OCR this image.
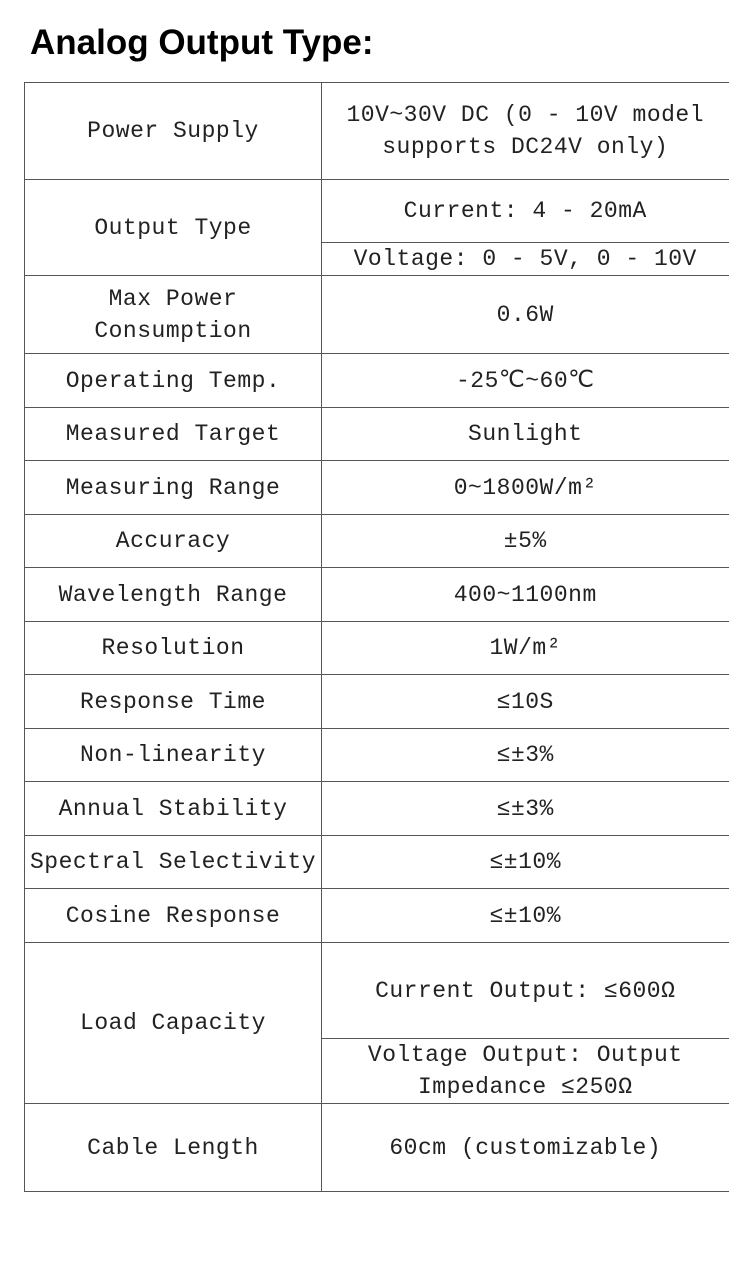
Analog Output Type:
Power Supply	10V~30V DC (0 - 10V model
supports DC24V only)
Output Type	Current: 4 - 20mA
	Voltage: 0 - 5V, 0 - 10V
Max Power
Consumption	0.6W
Operating Temp.	-25℃~60℃
Measured Target	Sunlight
Measuring Range	0~1800W/m²
Accuracy	±5%
Wavelength Range	400~1100nm
Resolution	1W/m²
Response Time	≤10S
Non-linearity	≤±3%
Annual Stability	≤±3%
Spectral Selectivity	≤±10%
Cosine Response	≤±10%
Load Capacity	Current Output: ≤600Ω
	Voltage Output: Output
Impedance ≤250Ω
Cable Length	60cm (customizable)
